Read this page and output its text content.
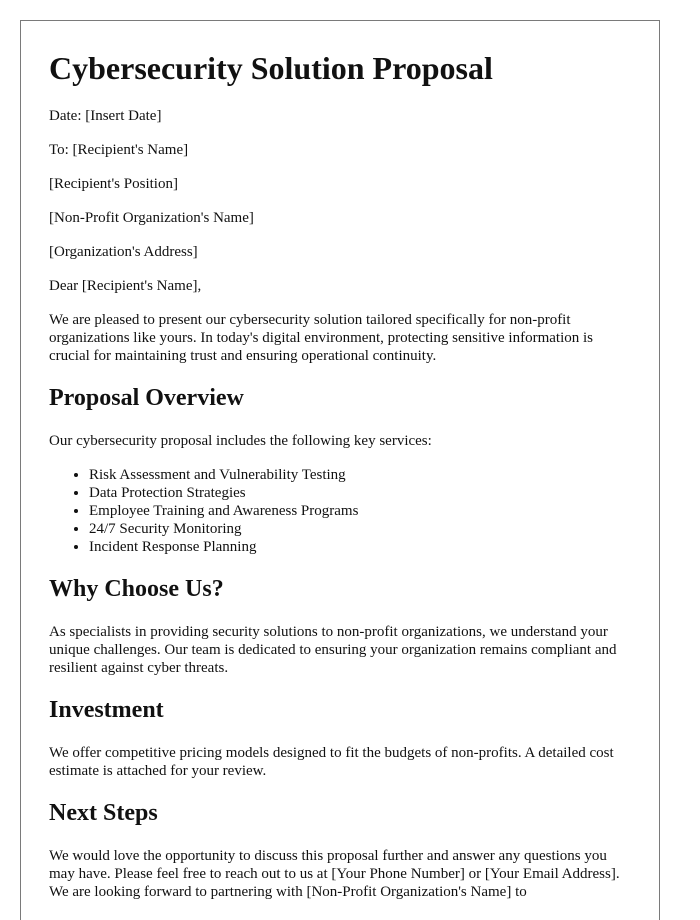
Cybersecurity Solution Proposal

Date: [Insert Date]

To: [Recipient's Name]

[Recipient's Position]

[Non-Profit Organization's Name]

[Organization's Address]

Dear [Recipient's Name],

We are pleased to present our cybersecurity solution tailored specifically for non-profit organizations like yours. In today's digital environment, protecting sensitive information is crucial for maintaining trust and ensuring operational continuity.

Proposal Overview

Our cybersecurity proposal includes the following key services:

• Risk Assessment and Vulnerability Testing
• Data Protection Strategies
• Employee Training and Awareness Programs
• 24/7 Security Monitoring
• Incident Response Planning
Why Choose Us?

As specialists in providing security solutions to non-profit organizations, we understand your unique challenges. Our team is dedicated to ensuring your organization remains compliant and resilient against cyber threats.

Investment

We offer competitive pricing models designed to fit the budgets of non-profits. A detailed cost estimate is attached for your review.

Next Steps

We would love the opportunity to discuss this proposal further and answer any questions you may have. Please feel free to reach out to us at [Your Phone Number] or [Your Email Address]. We are looking forward to partnering with [Non-Profit Organization's Name] to
